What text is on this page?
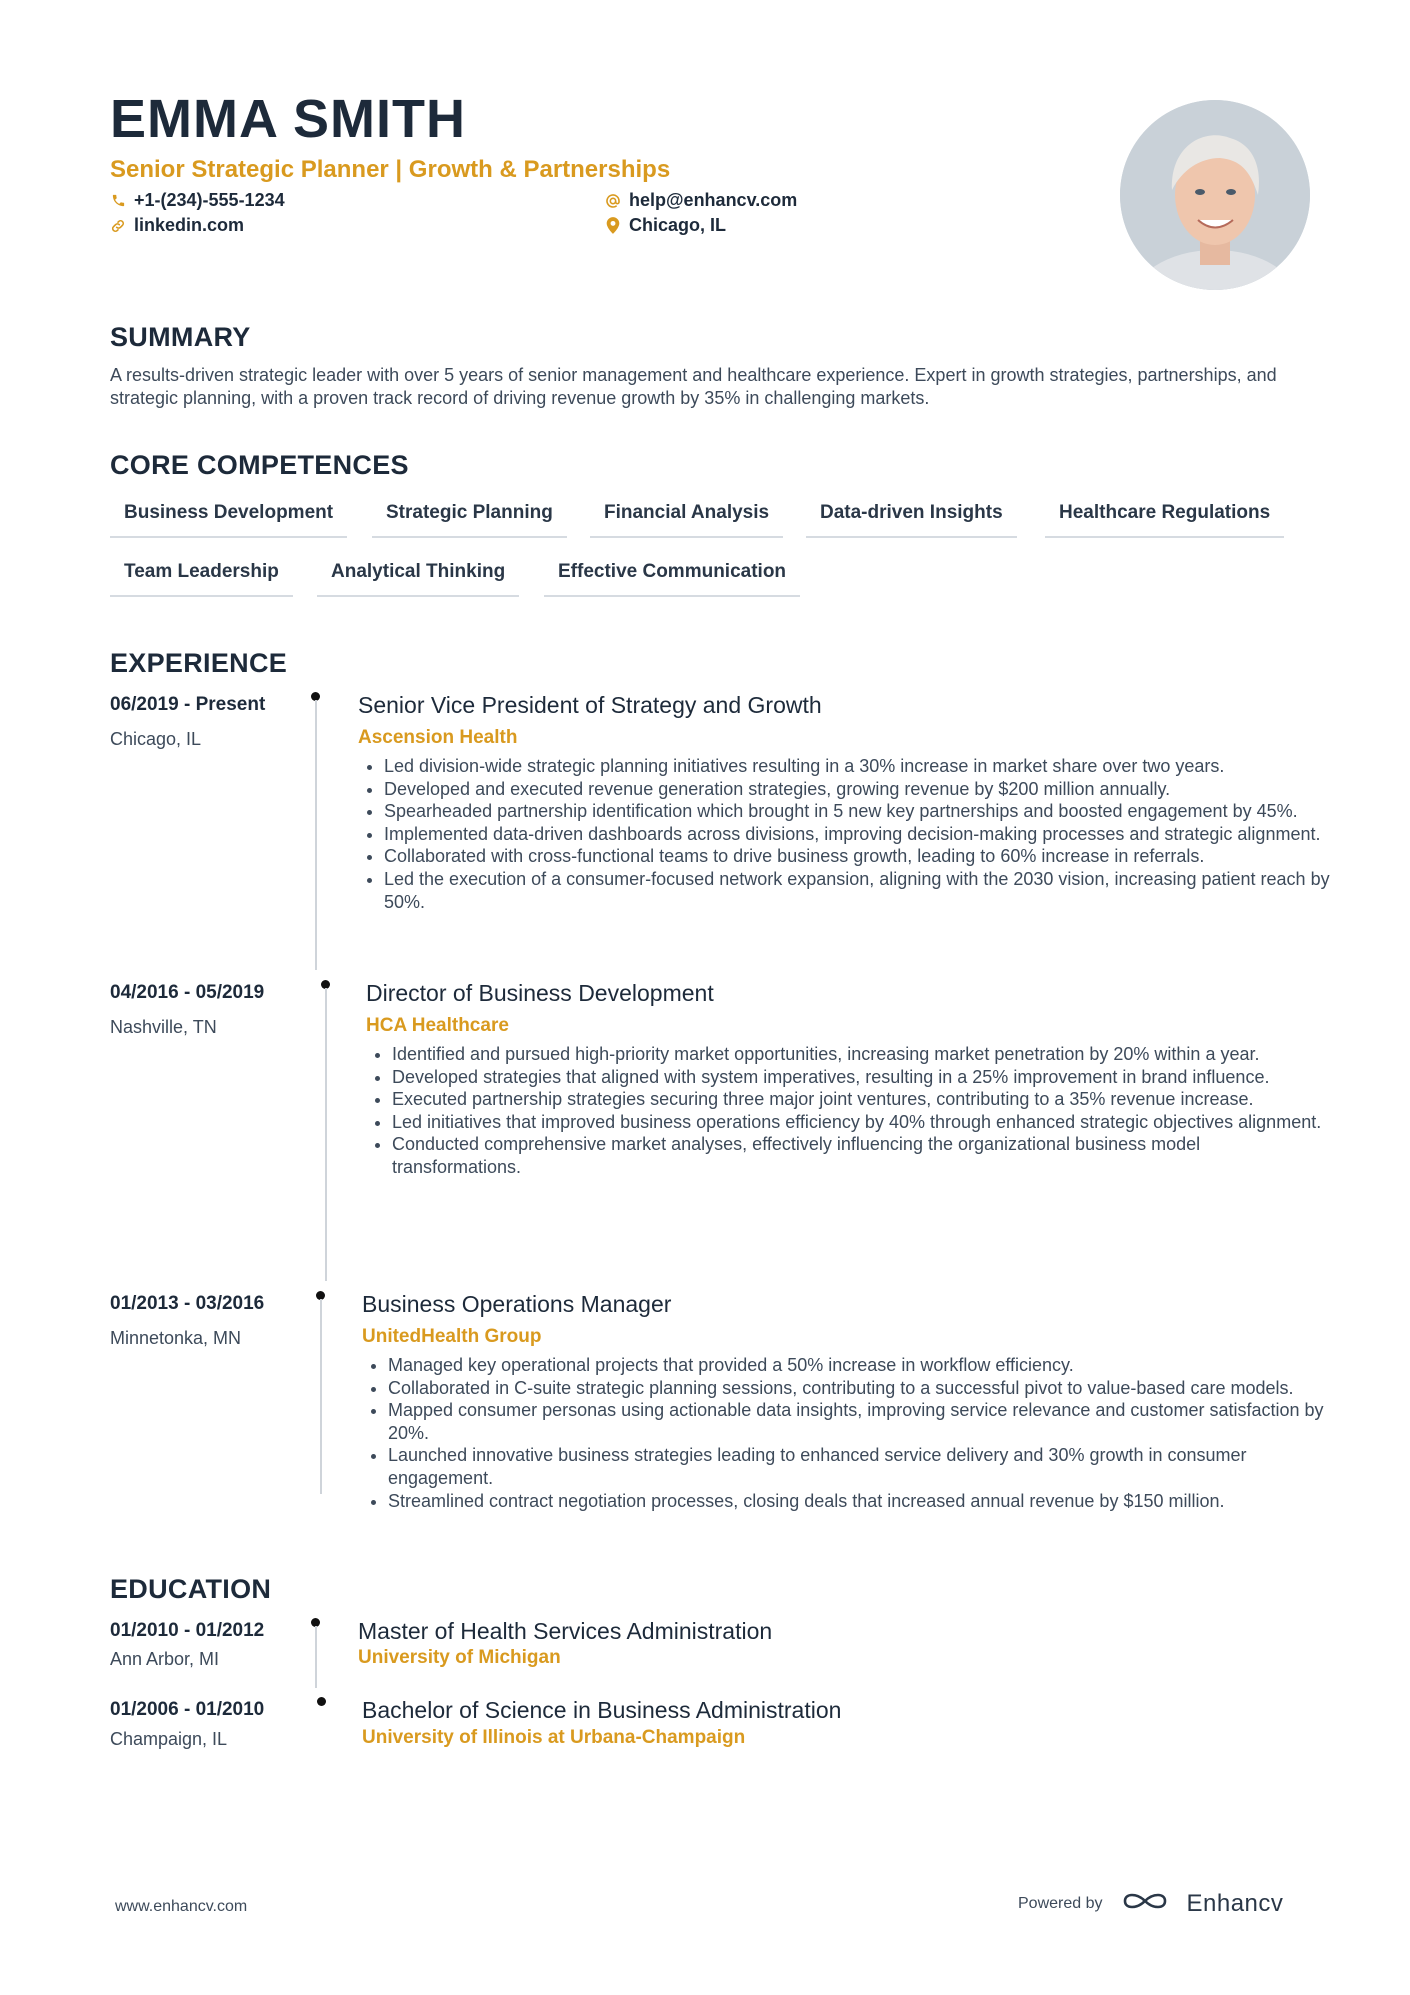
EMMA SMITH
Senior Strategic Planner | Growth & Partnerships
+1-(234)-555-1234	help@enhancv.com
linkedin.com	Chicago, IL
SUMMARY
A results-driven strategic leader with over 5 years of senior management and healthcare experience. Expert in growth strategies, partnerships, and strategic planning, with a proven track record of driving revenue growth by 35% in challenging markets.
CORE COMPETENCES
Business Development	Strategic Planning	Financial Analysis	Data-driven Insights	Healthcare Regulations
Team Leadership	Analytical Thinking	Effective Communication
EXPERIENCE
06/2019 - Present
Chicago, IL
Senior Vice President of Strategy and Growth
Ascension Health
• Led division-wide strategic planning initiatives resulting in a 30% increase in market share over two years.
• Developed and executed revenue generation strategies, growing revenue by $200 million annually.
• Spearheaded partnership identification which brought in 5 new key partnerships and boosted engagement by 45%.
• Implemented data-driven dashboards across divisions, improving decision-making processes and strategic alignment.
• Collaborated with cross-functional teams to drive business growth, leading to 60% increase in referrals.
• Led the execution of a consumer-focused network expansion, aligning with the 2030 vision, increasing patient reach by 50%.
04/2016 - 05/2019
Nashville, TN
Director of Business Development
HCA Healthcare
• Identified and pursued high-priority market opportunities, increasing market penetration by 20% within a year.
• Developed strategies that aligned with system imperatives, resulting in a 25% improvement in brand influence.
• Executed partnership strategies securing three major joint ventures, contributing to a 35% revenue increase.
• Led initiatives that improved business operations efficiency by 40% through enhanced strategic objectives alignment.
• Conducted comprehensive market analyses, effectively influencing the organizational business model transformations.
01/2013 - 03/2016
Minnetonka, MN
Business Operations Manager
UnitedHealth Group
• Managed key operational projects that provided a 50% increase in workflow efficiency.
• Collaborated in C-suite strategic planning sessions, contributing to a successful pivot to value-based care models.
• Mapped consumer personas using actionable data insights, improving service relevance and customer satisfaction by 20%.
• Launched innovative business strategies leading to enhanced service delivery and 30% growth in consumer engagement.
• Streamlined contract negotiation processes, closing deals that increased annual revenue by $150 million.
EDUCATION
01/2010 - 01/2012
Ann Arbor, MI
Master of Health Services Administration
University of Michigan
01/2006 - 01/2010
Champaign, IL
Bachelor of Science in Business Administration
University of Illinois at Urbana-Champaign
www.enhancv.com	Powered by	Enhancv
